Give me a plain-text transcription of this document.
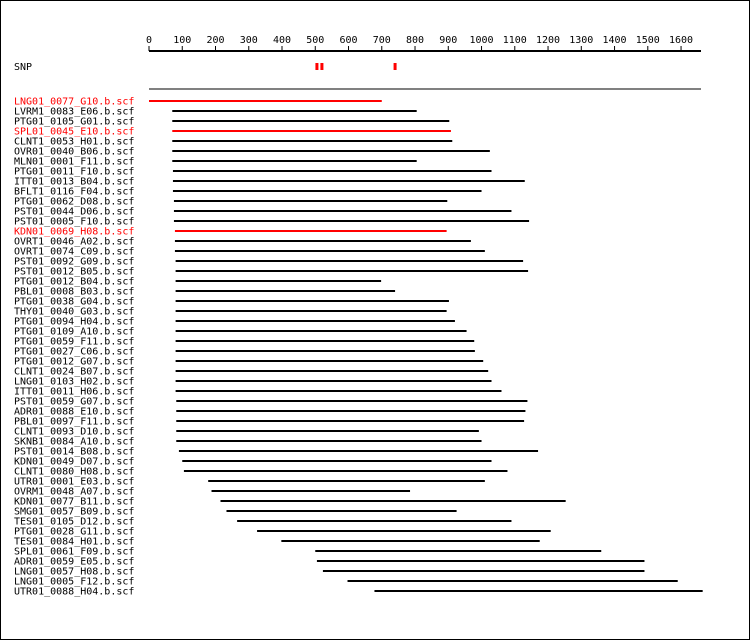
0 100 200 300 400 500 600 700 800 900 1000 1100 1200 1300 1400 1500 1600
SNP
LNG01_0077_G10.b.scf
LVRM1_0083_E06.b.scf
PTG01_0105_G01.b.scf
SPL01_0045_E10.b.scf
CLNT1_0053_H01.b.scf
OVR01_0040_B06.b.scf
MLN01_0001_F11.b.scf
PTG01_0011_F10.b.scf
ITT01_0013_B04.b.scf
BFLT1_0116_F04.b.scf
PTG01_0062_D08.b.scf
PST01_0044_D06.b.scf
PST01_0005_F10.b.scf
KDN01_0069_H08.b.scf
OVRT1_0046_A02.b.scf
OVRT1_0074_C09.b.scf
PST01_0092_G09.b.scf
PST01_0012_B05.b.scf
PTG01_0012_B04.b.scf
PBL01_0008_B03.b.scf
PTG01_0038_G04.b.scf
THY01_0040_G03.b.scf
PTG01_0094_H04.b.scf
PTG01_0109_A10.b.scf
PTG01_0059_F11.b.scf
PTG01_0027_C06.b.scf
PTG01_0012_G07.b.scf
CLNT1_0024_B07.b.scf
LNG01_0103_H02.b.scf
ITT01_0011_H06.b.scf
PST01_0059_G07.b.scf
ADR01_0088_E10.b.scf
PBL01_0097_F11.b.scf
CLNT1_0093_D10.b.scf
SKNB1_0084_A10.b.scf
PST01_0014_B08.b.scf
KDN01_0049_D07.b.scf
CLNT1_0080_H08.b.scf
UTR01_0001_E03.b.scf
OVRM1_0048_A07.b.scf
KDN01_0077_B11.b.scf
SMG01_0057_B09.b.scf
TES01_0105_D12.b.scf
PTG01_0028_G11.b.scf
TES01_0084_H01.b.scf
SPL01_0061_F09.b.scf
ADR01_0059_E05.b.scf
LNG01_0057_H08.b.scf
LNG01_0005_F12.b.scf
UTR01_0088_H04.b.scf
